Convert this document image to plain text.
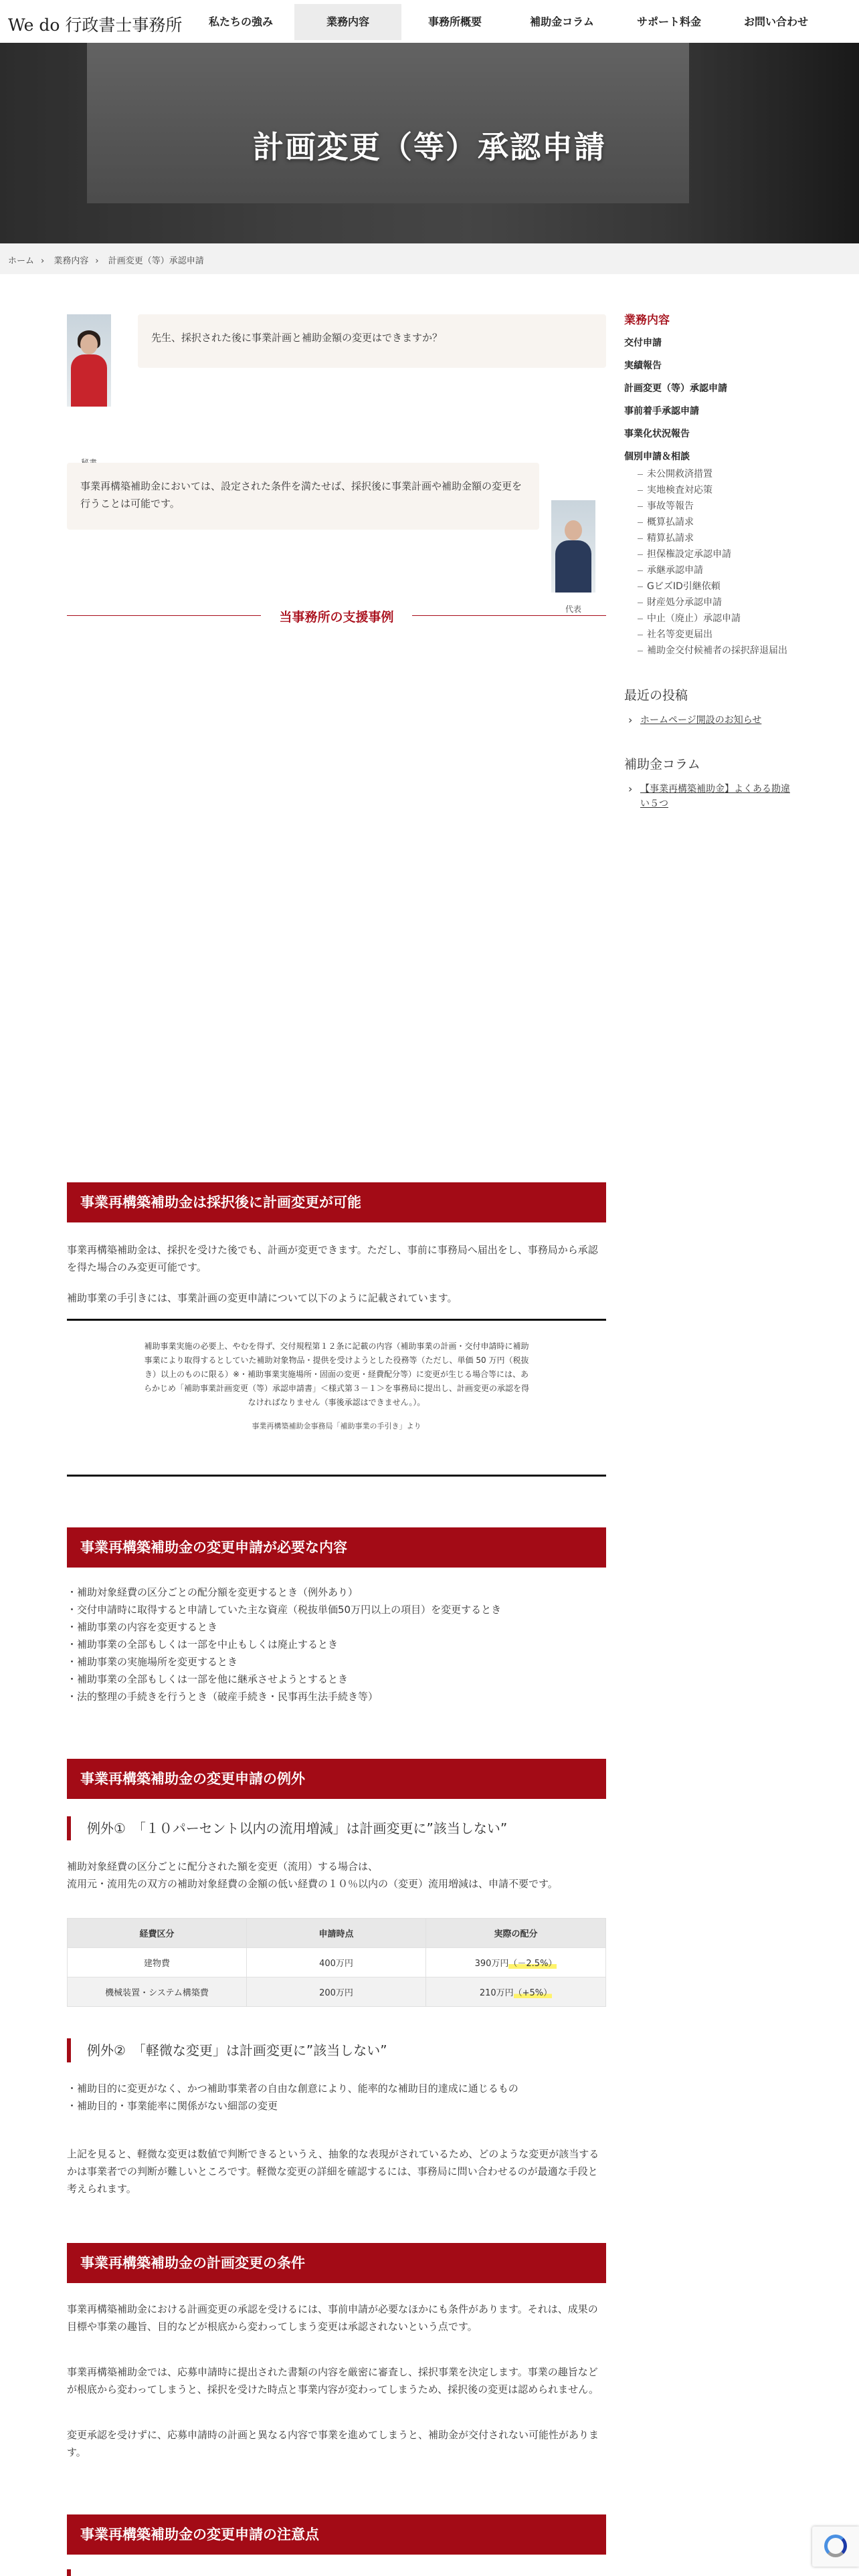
We do 行政書士事務所	私たちの強み	業務内容	事務所概要	補助金コラム	サポート料金	お問い合わせ
計画変更（等）承認申請
ホーム › 業務内容 › 計画変更（等）承認申請
先生、採択された後に事業計画と補助金額の変更はできますか？
事業再構築補助金においては、設定された条件を満たせば、採択後に事業計画や補助金額の変更を行うことは可能です。
代表
当事務所の支援事例
事業再構築補助金は採択後に計画変更が可能
事業再構築補助金は、採択を受けた後でも、計画が変更できます。ただし、事前に事務局へ届出をし、事務局から承認を得た場合のみ変更可能です。
補助事業の手引きには、事業計画の変更申請について以下のように記載されています。
補助事業実施の必要上、やむを得ず、交付規程第１２条に記載の内容（補助事業の計画・交付申請時に補助事業により取得するとしていた補助対象物品・提供を受けようとした役務等（ただし、単価 50 万円（税抜き）以上のものに限る）※・補助事業実施場所・固面の変更・経費配分等）に変更が生じる場合等には、あらかじめ「補助事業計画変更（等）承認申請書」＜様式第３－１＞を事務局に提出し、計画変更の承認を得なければなりません（事後承認はできません。）。
事業再構築補助金事務局「補助事業の手引き」より
事業再構築補助金の変更申請が必要な内容
・補助対象経費の区分ごとの配分額を変更するとき（例外あり）
・交付申請時に取得すると申請していた主な資産（税抜単価50万円以上の項目）を変更するとき
・補助事業の内容を変更するとき
・補助事業の全部もしくは一部を中止もしくは廃止するとき
・補助事業の実施場所を変更するとき
・補助事業の全部もしくは一部を他に継承させようとするとき
・法的整理の手続きを行うとき（破産手続き・民事再生法手続き等）
事業再構築補助金の変更申請の例外
例外①　「１０パーセント以内の流用増減」は計画変更に”該当しない”
補助対象経費の区分ごとに配分された額を変更（流用）する場合は、
流用元・流用先の双方の補助対象経費の金額の低い経費の１０％以内の（変更）流用増減は、申請不要です。
経費区分	申請時点	実際の配分
建物費	400万円	390万円（－2.5%）
機械装置・システム構築費	200万円	210万円（+5%）
例外②　「軽微な変更」は計画変更に”該当しない”
・補助目的に変更がなく、かつ補助事業者の自由な創意により、能率的な補助目的達成に通じるもの
・補助目的・事業能率に関係がない細部の変更
上記を見ると、軽微な変更は数値で判断できるというえ、抽象的な表現がされているため、どのような変更が該当するかは事業者での判断が難しいところです。軽微な変更の詳細を確認するには、事務局に問い合わせるのが最適な手段と考えられます。
事業再構築補助金の計画変更の条件
事業再構築補助金における計画変更の承認を受けるには、事前申請が必要なほかにも条件があります。それは、成果の目標や事業の趣旨、目的などが根底から変わってしまう変更は承認されないという点です。
事業再構築補助金では、応募申請時に提出された書類の内容を厳密に審査し、採択事業を決定します。事業の趣旨などが根底から変わってしまうと、採択を受けた時点と事業内容が変わってしまうため、採択後の変更は認められません。
変更承認を受けずに、応募申請時の計画と異なる内容で事業を進めてしまうと、補助金が交付されない可能性があります。
事業再構築補助金の変更申請の注意点
業務内容
交付申請
実績報告
計画変更（等）承認申請
事前着手承認申請
事業化状況報告
個別申請＆相談
未公開救済措置
実地検査対応策
事故等報告
概算払請求
精算払請求
担保権設定承認申請
承継承認申請
GビズID引継依頼
財産処分承認申請
中止（廃止）承認申請
社名等変更届出
補助金交付候補者の採択辞退届出
最近の投稿
› ホームページ開設のお知らせ
補助金コラム
› 【事業再構築補助金】よくある勘違い５つ
